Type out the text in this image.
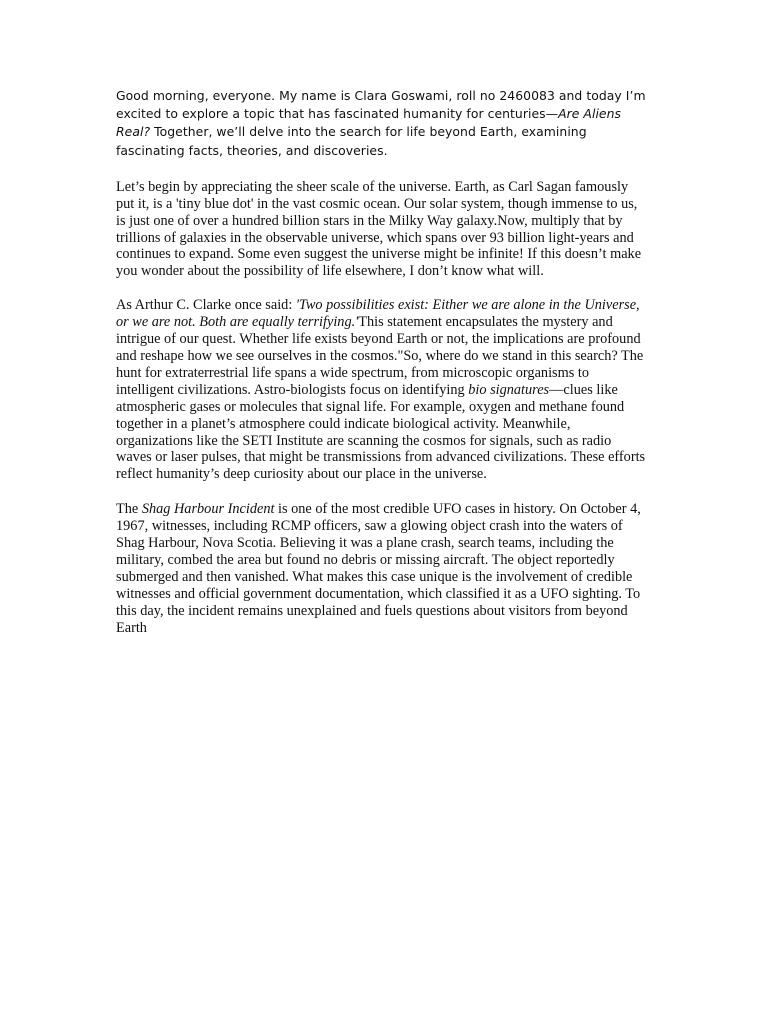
Good morning, everyone. My name is Clara Goswami, roll no 2460083 and today I’m excited to explore a topic that has fascinated humanity for centuries—Are Aliens Real? Together, we’ll delve into the search for life beyond Earth, examining fascinating facts, theories, and discoveries.

Let’s begin by appreciating the sheer scale of the universe. Earth, as Carl Sagan famously put it, is a 'tiny blue dot' in the vast cosmic ocean. Our solar system, though immense to us, is just one of over a hundred billion stars in the Milky Way galaxy.Now, multiply that by trillions of galaxies in the observable universe, which spans over 93 billion light-years and continues to expand. Some even suggest the universe might be infinite! If this doesn’t make you wonder about the possibility of life elsewhere, I don’t know what will.

As Arthur C. Clarke once said: 'Two possibilities exist: Either we are alone in the Universe, or we are not. Both are equally terrifying.'This statement encapsulates the mystery and intrigue of our quest. Whether life exists beyond Earth or not, the implications are profound and reshape how we see ourselves in the cosmos."So, where do we stand in this search? The hunt for extraterrestrial life spans a wide spectrum, from microscopic organisms to intelligent civilizations. Astro-biologists focus on identifying bio signatures—clues like atmospheric gases or molecules that signal life. For example, oxygen and methane found together in a planet’s atmosphere could indicate biological activity. Meanwhile, organizations like the SETI Institute are scanning the cosmos for signals, such as radio waves or laser pulses, that might be transmissions from advanced civilizations. These efforts reflect humanity’s deep curiosity about our place in the universe.

The Shag Harbour Incident is one of the most credible UFO cases in history. On October 4, 1967, witnesses, including RCMP officers, saw a glowing object crash into the waters of Shag Harbour, Nova Scotia. Believing it was a plane crash, search teams, including the military, combed the area but found no debris or missing aircraft. The object reportedly submerged and then vanished. What makes this case unique is the involvement of credible witnesses and official government documentation, which classified it as a UFO sighting. To this day, the incident remains unexplained and fuels questions about visitors from beyond Earth
